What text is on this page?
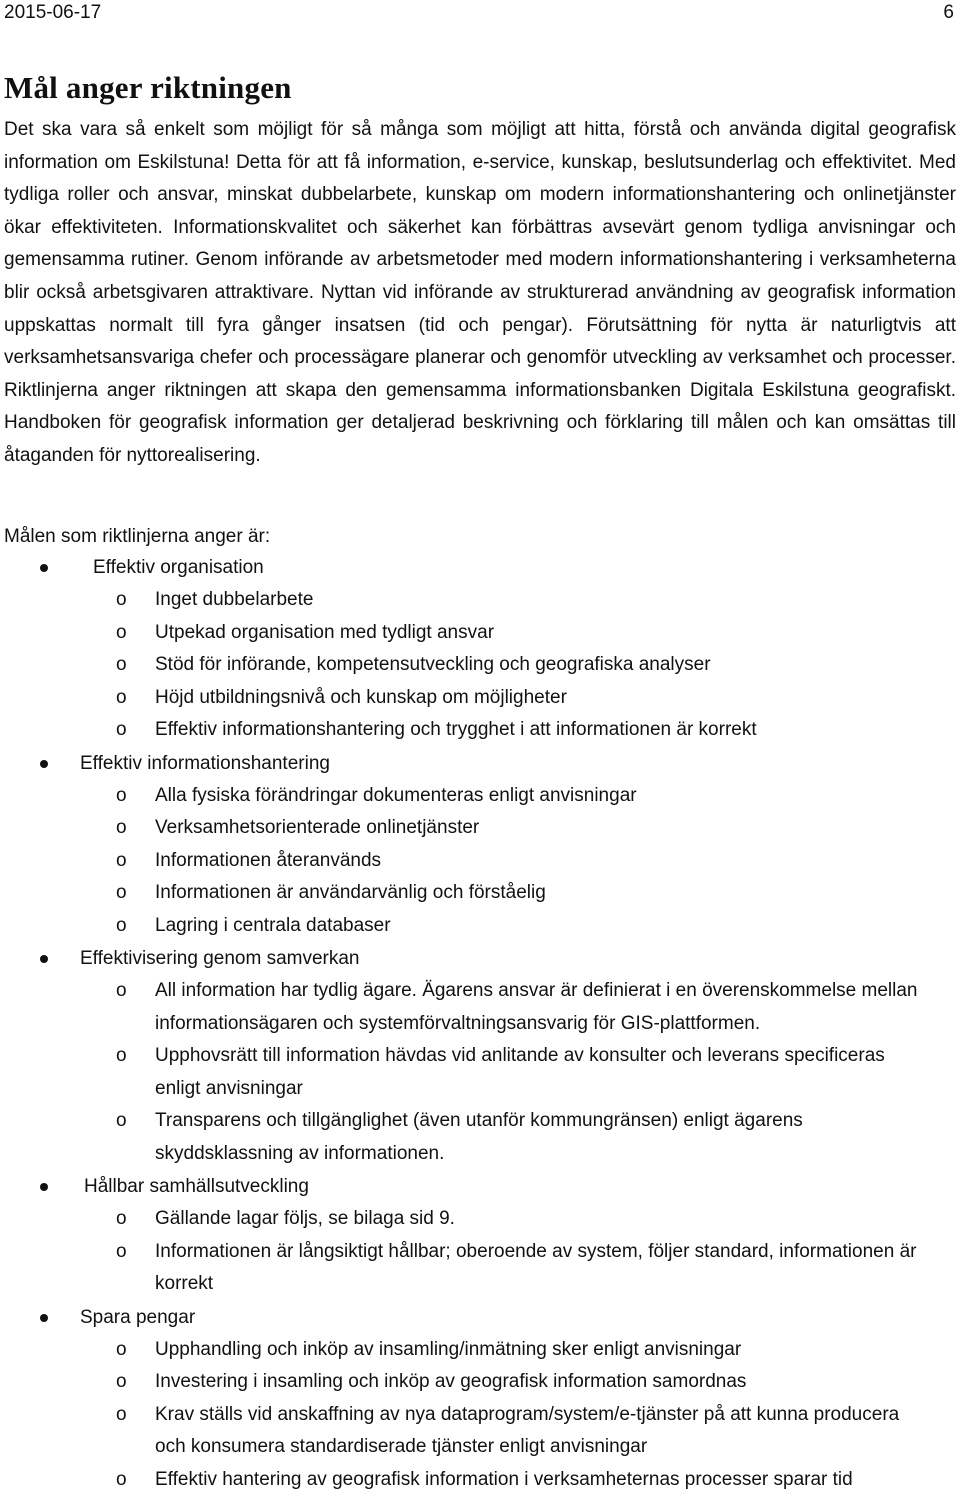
2015-06-17	6
Mål anger riktningen

Det ska vara så enkelt som möjligt för så många som möjligt att hitta, förstå och använda digital geografisk information om Eskilstuna! Detta för att få information, e-service, kunskap, beslutsunderlag och effektivitet. Med tydliga roller och ansvar, minskat dubbelarbete, kunskap om modern informationshantering och onlinetjänster ökar effektiviteten. Informationskvalitet och säkerhet kan förbättras avsevärt genom tydliga anvisningar och gemensamma rutiner. Genom införande av arbetsmetoder med modern informationshantering i verksamheterna blir också arbetsgivaren attraktivare. Nyttan vid införande av strukturerad användning av geografisk information uppskattas normalt till fyra gånger insatsen (tid och pengar). Förutsättning för nytta är naturligtvis att verksamhetsansvariga chefer och processägare planerar och genomför utveckling av verksamhet och processer. Riktlinjerna anger riktningen att skapa den gemensamma informationsbanken Digitala Eskilstuna geografiskt. Handboken för geografisk information ger detaljerad beskrivning och förklaring till målen och kan omsättas till åtaganden för nyttorealisering.

Målen som riktlinjerna anger är:

Effektiv organisation
o Inget dubbelarbete
o Utpekad organisation med tydligt ansvar
o Stöd för införande, kompetensutveckling och geografiska analyser
o Höjd utbildningsnivå och kunskap om möjligheter
o Effektiv informationshantering och trygghet i att informationen är korrekt
Effektiv informationshantering
o Alla fysiska förändringar dokumenteras enligt anvisningar
o Verksamhetsorienterade onlinetjänster
o Informationen återanvänds
o Informationen är användarvänlig och förståelig
o Lagring i centrala databaser
Effektivisering genom samverkan
o All information har tydlig ägare. Ägarens ansvar är definierat i en överenskommelse mellan informationsägaren och systemförvaltningsansvarig för GIS-plattformen.
o Upphovsrätt till information hävdas vid anlitande av konsulter och leverans specificeras enligt anvisningar
o Transparens och tillgänglighet (även utanför kommungränsen) enligt ägarens skyddsklassning av informationen.
Hållbar samhällsutveckling
o Gällande lagar följs, se bilaga sid 9.
o Informationen är långsiktigt hållbar; oberoende av system, följer standard, informationen är korrekt
Spara pengar
o Upphandling och inköp av insamling/inmätning sker enligt anvisningar
o Investering i insamling och inköp av geografisk information samordnas
o Krav ställs vid anskaffning av nya dataprogram/system/e-tjänster på att kunna producera och konsumera standardiserade tjänster enligt anvisningar
o Effektiv hantering av geografisk information i verksamheternas processer sparar tid
